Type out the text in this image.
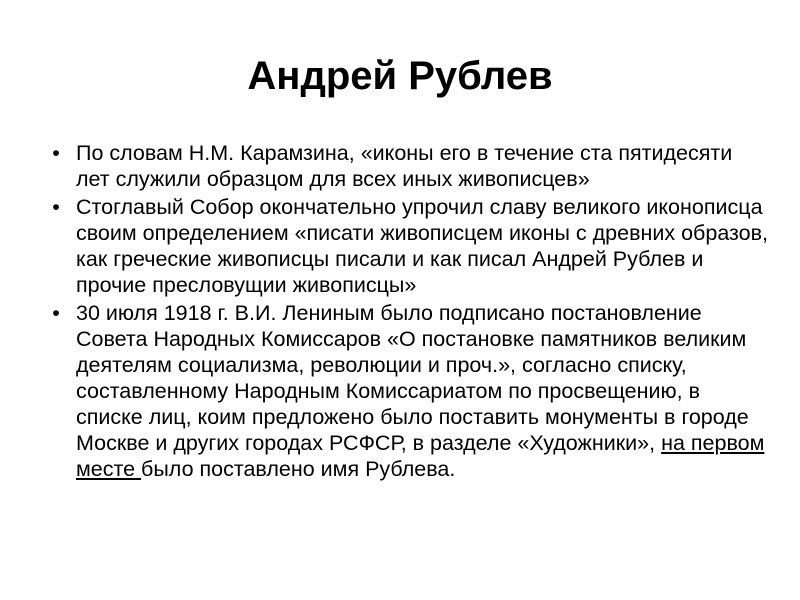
Андрей Рублев
• По словам Н.М. Карамзина, «иконы его в течение ста пятидесяти лет служили образцом для всех иных живописцев»
• Стоглавый Собор окончательно упрочил славу великого иконописца своим определением «писати живописцем иконы с древних образов, как греческие живописцы писали и как писал Андрей Рублев и прочие пресловущии живописцы»
• 30 июля 1918 г. В.И. Лениным было подписано постановление Совета Народных Комиссаров «О постановке памятников великим деятелям социализма, революции и проч.», согласно списку, составленному Народным Комиссариатом по просвещению, в списке лиц, коим предложено было поставить монументы в городе Москве и других городах РСФСР, в разделе «Художники», на первом месте было поставлено имя Рублева.
